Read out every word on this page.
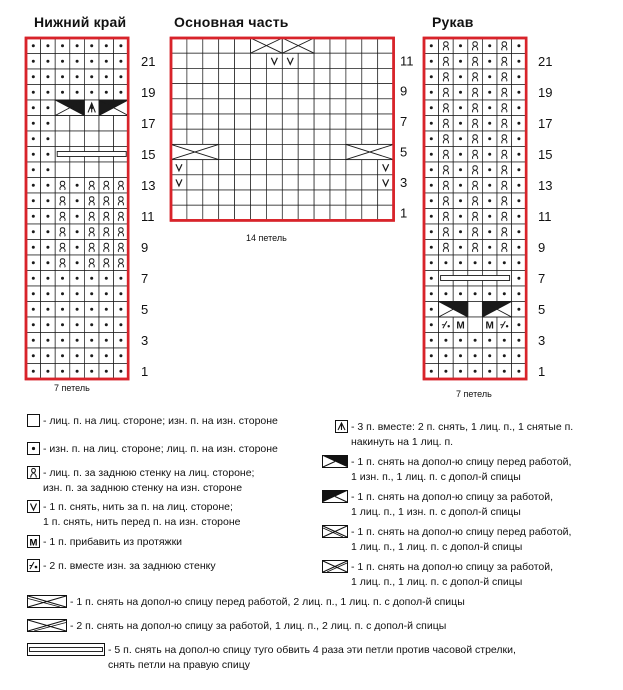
Нижний край	Основная часть	Рукав
M M
21
19
17
15
13
11
9
7
5
3
1
11
9
7
5
3
1
21
19
17
15
13
11
9
7
5
3
1
7 петель
14 петель
7 петель
- лиц. п. на лиц. стороне; изн. п. на изн. стороне
- изн. п. на лиц. стороне; лиц. п. на изн. стороне
- лиц. п. за заднюю стенку на лиц. стороне;
изн. п. за заднюю стенку на изн. стороне
- 1 п. снять, нить за п. на лиц. стороне;
1 п. снять, нить перед п. на изн. стороне
M - 1 п. прибавить из протяжки
- 2 п. вместе изн. за заднюю стенку
- 3 п. вместе: 2 п. снять, 1 лиц. п., 1 снятые п.
накинуть на 1 лиц. п.
- 1 п. снять на допол-ю спицу перед работой,
1 изн. п., 1 лиц. п. с допол-й спицы
- 1 п. снять на допол-ю спицу за работой,
1 лиц. п., 1 изн. п. с допол-й спицы
- 1 п. снять на допол-ю спицу перед работой,
1 лиц. п., 1 лиц. п. с допол-й спицы
- 1 п. снять на допол-ю спицу за работой,
1 лиц. п., 1 лиц. п. с допол-й спицы
- 1 п. снять на допол-ю спицу перед работой, 2 лиц. п., 1 лиц. п. с допол-й спицы
- 2 п. снять на допол-ю спицу за работой, 1 лиц. п., 2 лиц. п. с допол-й спицы
- 5 п. снять на допол-ю спицу туго обвить 4 раза эти петли против часовой стрелки,
снять петли на правую спицу
